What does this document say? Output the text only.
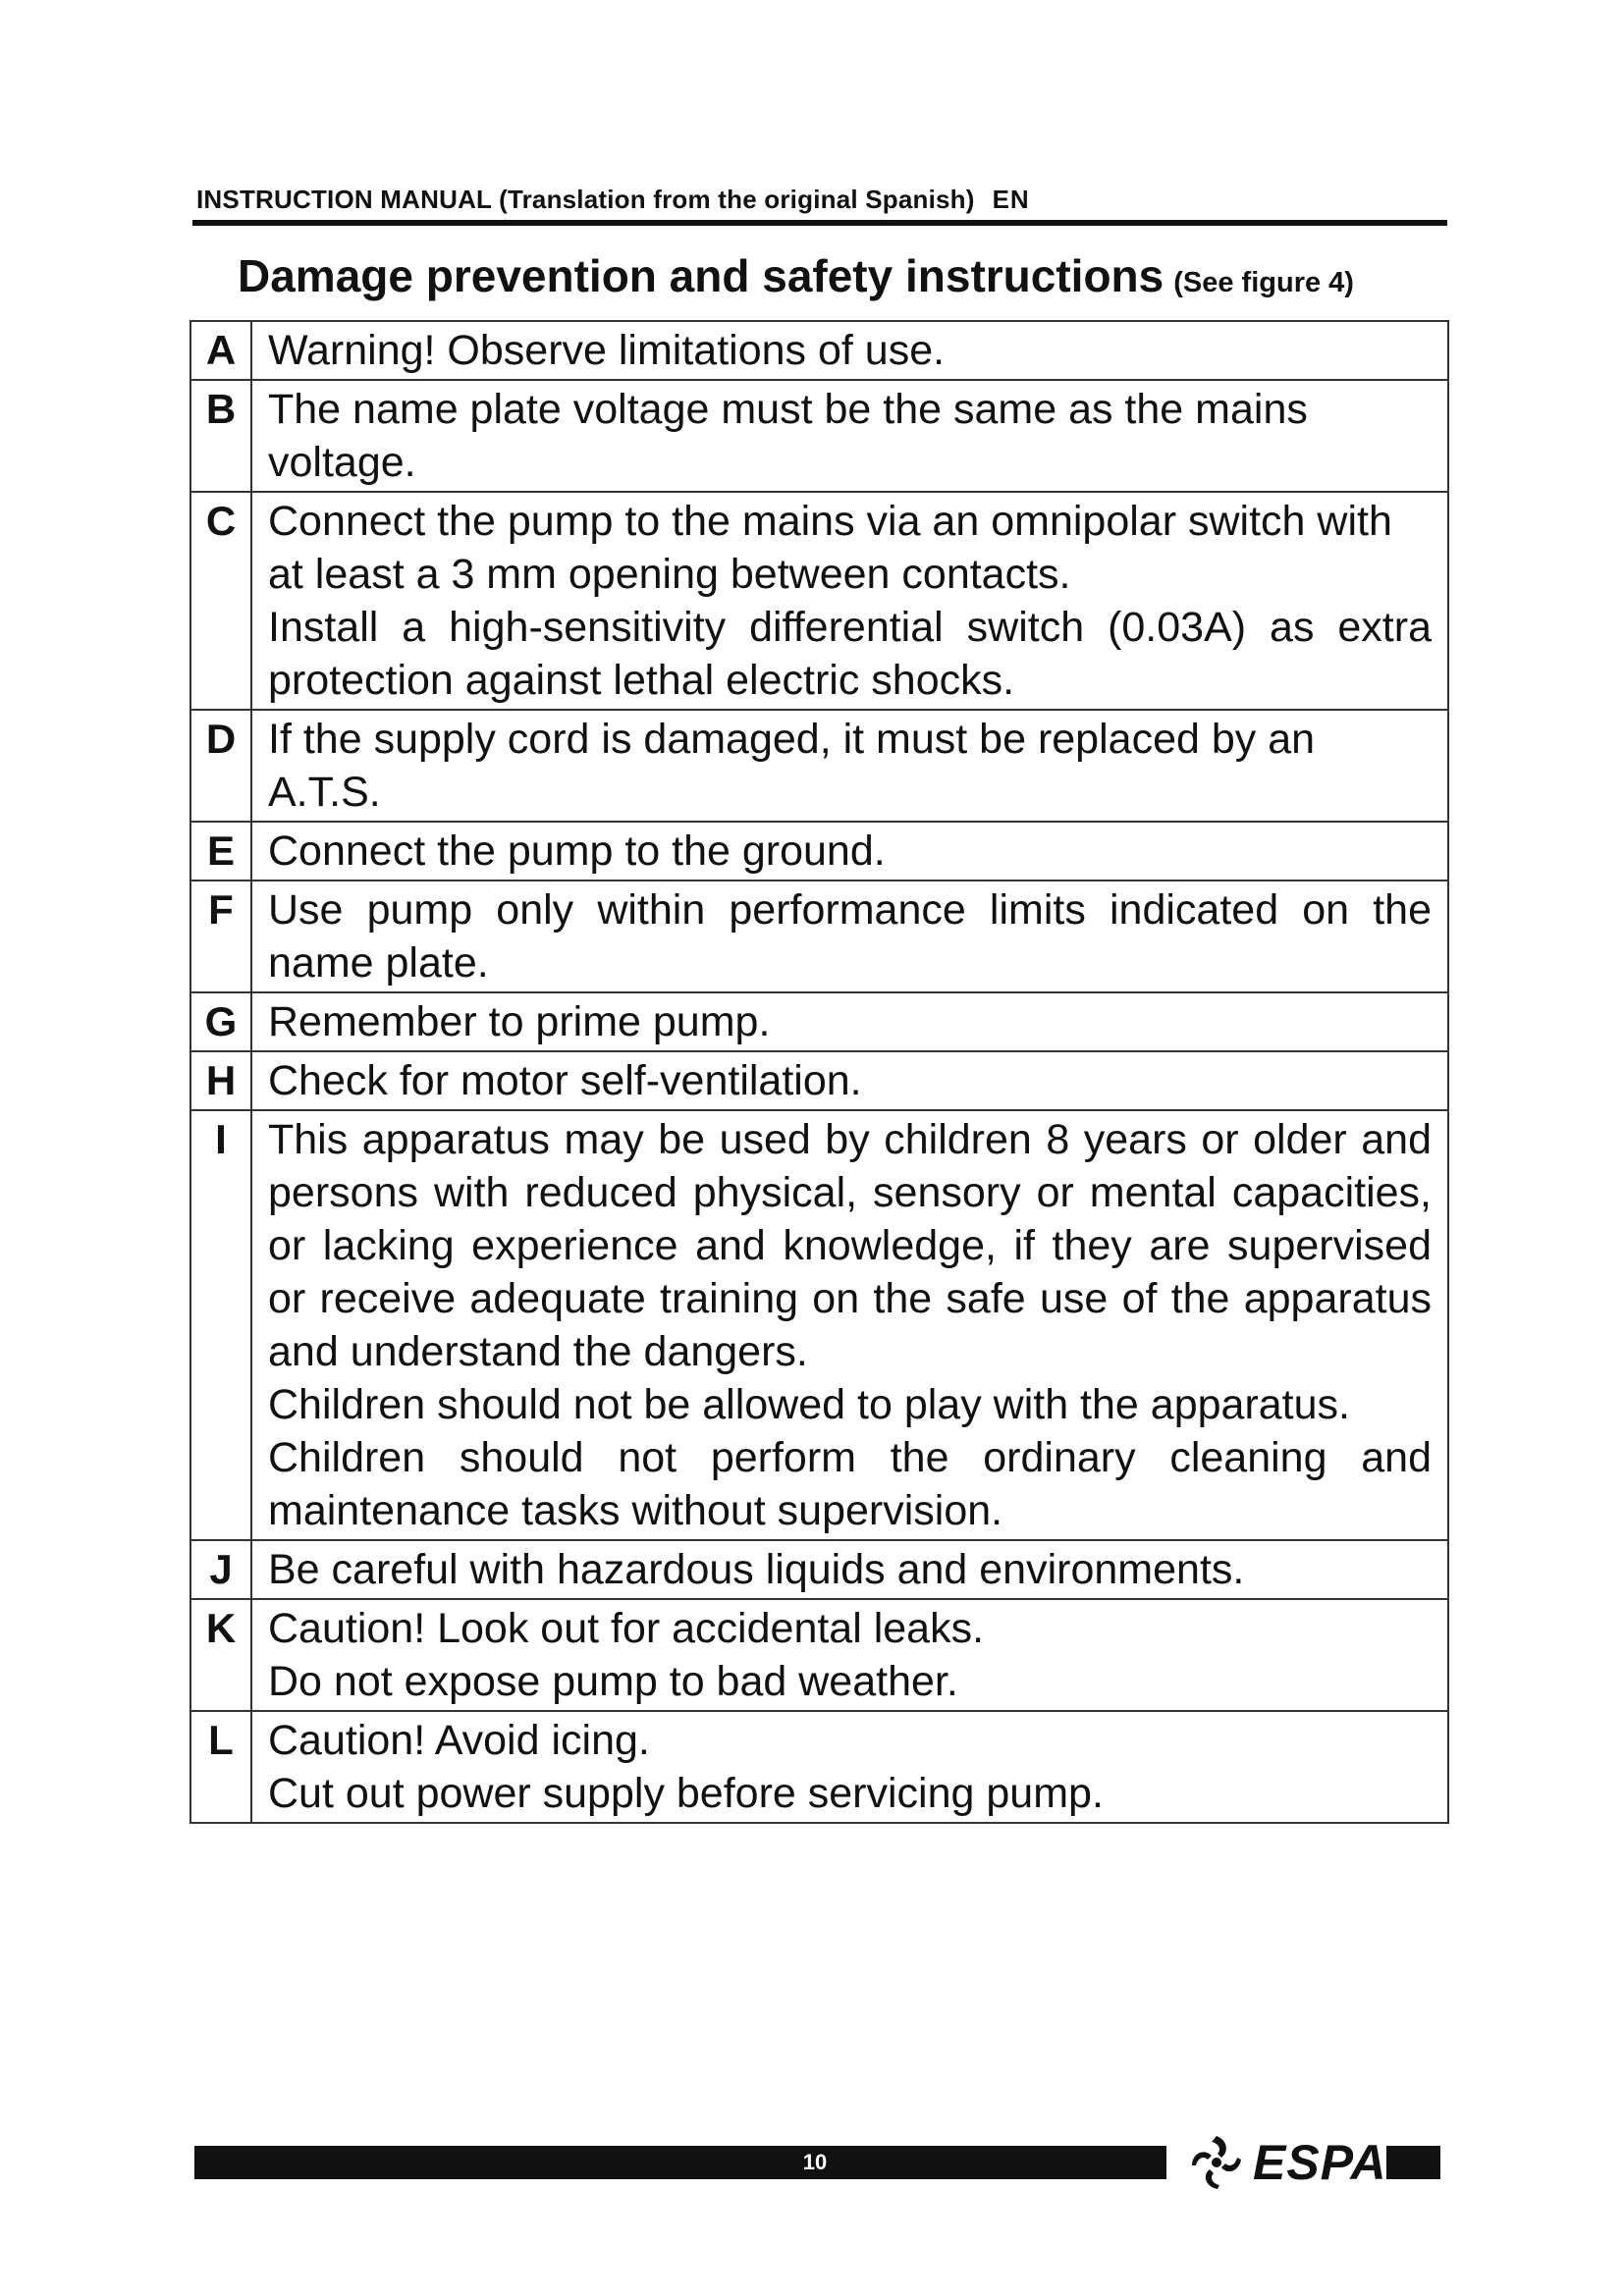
INSTRUCTION MANUAL (Translation from the original Spanish) EN
Damage prevention and safety instructions (See figure 4)
A	Warning! Observe limitations of use.

B	The name plate voltage must be the same as the mains voltage.

C	Connect the pump to the mains via an omnipolar switch with at least a 3 mm opening between contacts.
Install a high-sensitivity differential switch (0.03A) as extra protection against lethal electric shocks.

D	If the supply cord is damaged, it must be replaced by an A.T.S.

E	Connect the pump to the ground.

F	Use pump only within performance limits indicated on the name plate.

G	Remember to prime pump.

H	Check for motor self-ventilation.

I	This apparatus may be used by children 8 years or older and persons with reduced physical, sensory or mental capacities, or lacking experience and knowledge, if they are supervised or receive adequate training on the safe use of the apparatus and understand the dangers.
Children should not be allowed to play with the apparatus.
Children should not perform the ordinary cleaning and maintenance tasks without supervision.

J	Be careful with hazardous liquids and environments.

K	Caution! Look out for accidental leaks.
Do not expose pump to bad weather.

L	Caution! Avoid icing.
Cut out power supply before servicing pump.
10	ESPA
